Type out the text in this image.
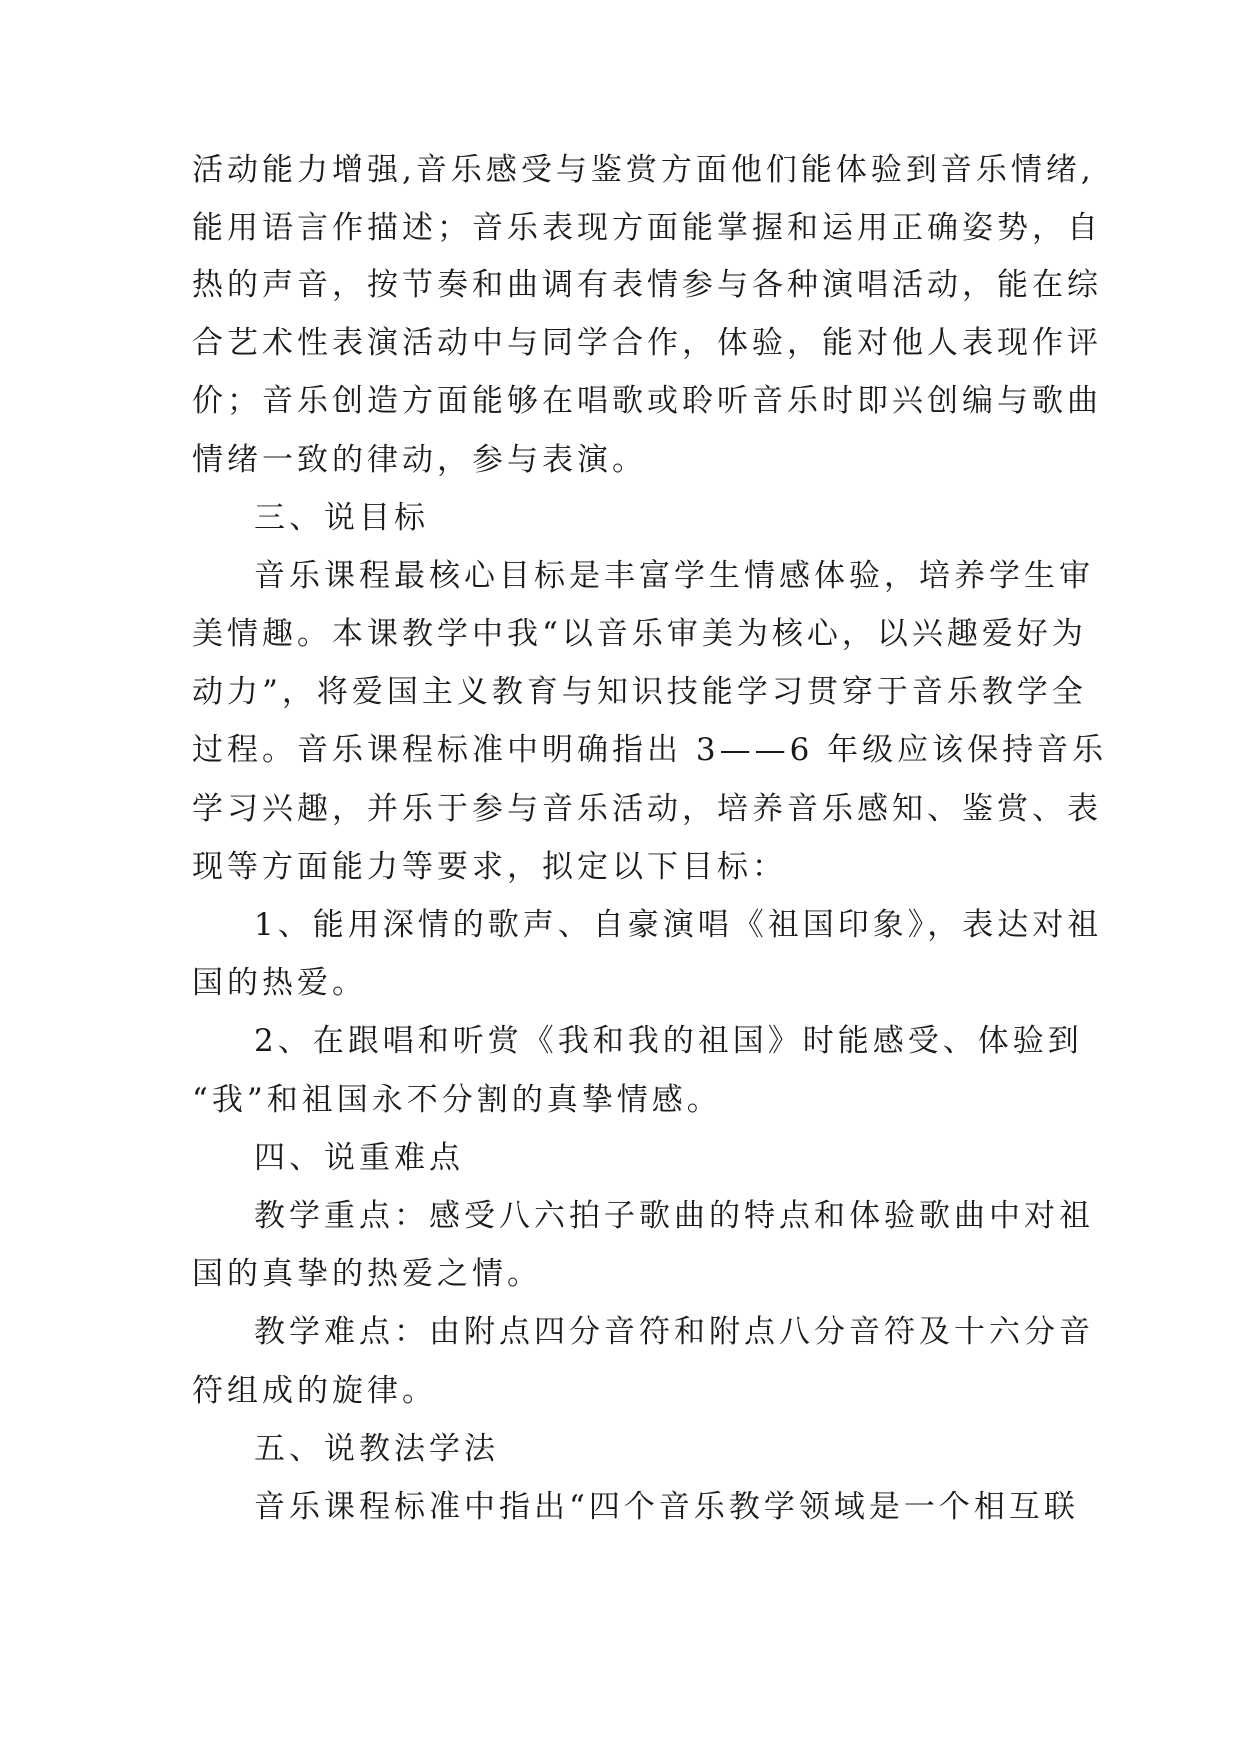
活动能力增强,音乐感受与鉴赏方面他们能体验到音乐情绪,
能用语言作描述；音乐表现方面能掌握和运用正确姿势，自
热的声音，按节奏和曲调有表情参与各种演唱活动，能在综
合艺术性表演活动中与同学合作，体验，能对他人表现作评
价；音乐创造方面能够在唱歌或聆听音乐时即兴创编与歌曲
情绪一致的律动，参与表演。
三、说目标
音乐课程最核心目标是丰富学生情感体验，培养学生审
美情趣。本课教学中我“以音乐审美为核心，以兴趣爱好为
动力”，将爱国主义教育与知识技能学习贯穿于音乐教学全
过程。音乐课程标准中明确指出 3——6 年级应该保持音乐
学习兴趣，并乐于参与音乐活动，培养音乐感知、鉴赏、表
现等方面能力等要求，拟定以下目标：
1、能用深情的歌声、自豪演唱《祖国印象》，表达对祖
国的热爱。
2、在跟唱和听赏《我和我的祖国》时能感受、体验到
“我”和祖国永不分割的真挚情感。
四、说重难点
教学重点：感受八六拍子歌曲的特点和体验歌曲中对祖
国的真挚的热爱之情。
教学难点：由附点四分音符和附点八分音符及十六分音
符组成的旋律。
五、说教法学法
音乐课程标准中指出“四个音乐教学领域是一个相互联
